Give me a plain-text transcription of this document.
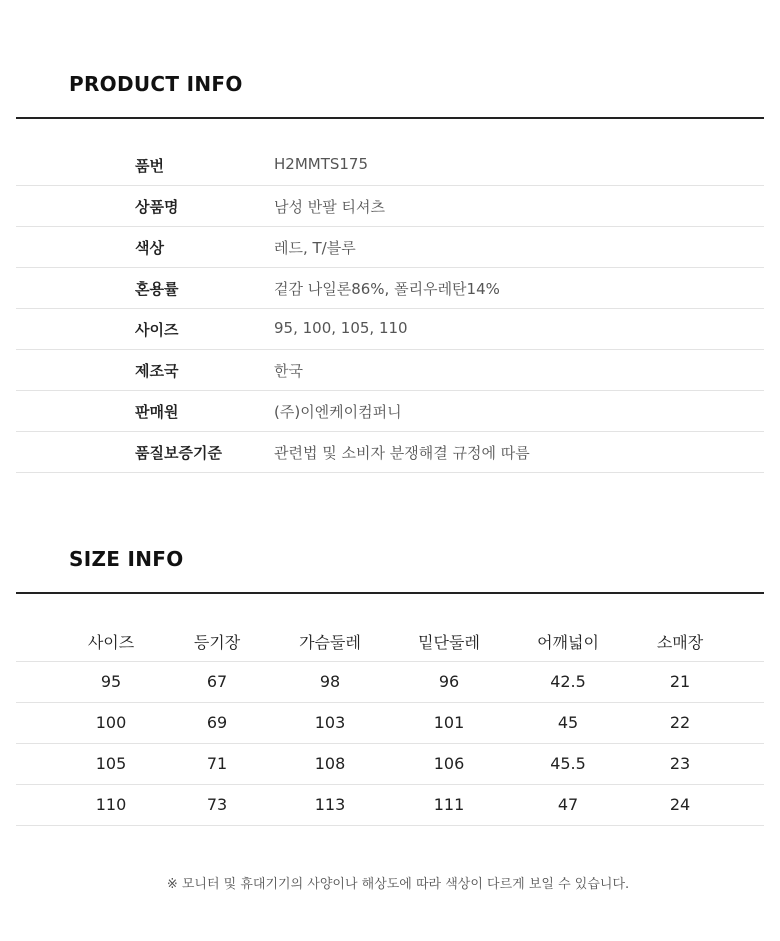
PRODUCT INFO
품번	H2MMTS175
상품명	남성 반팔 티셔츠
색상	레드, T/블루
혼용률	겉감 나일론86%, 폴리우레탄14%
사이즈	95, 100, 105, 110
제조국	한국
판매원	(주)이엔케이컴퍼니
품질보증기준	관련법 및 소비자 분쟁해결 규정에 따름
SIZE INFO
사이즈	등기장	가슴둘레	밑단둘레	어깨넓이	소매장
95	67	98	96	42.5	21
100	69	103	101	45	22
105	71	108	106	45.5	23
110	73	113	111	47	24
※ 모니터 및 휴대기기의 사양이나 해상도에 따라 색상이 다르게 보일 수 있습니다.
